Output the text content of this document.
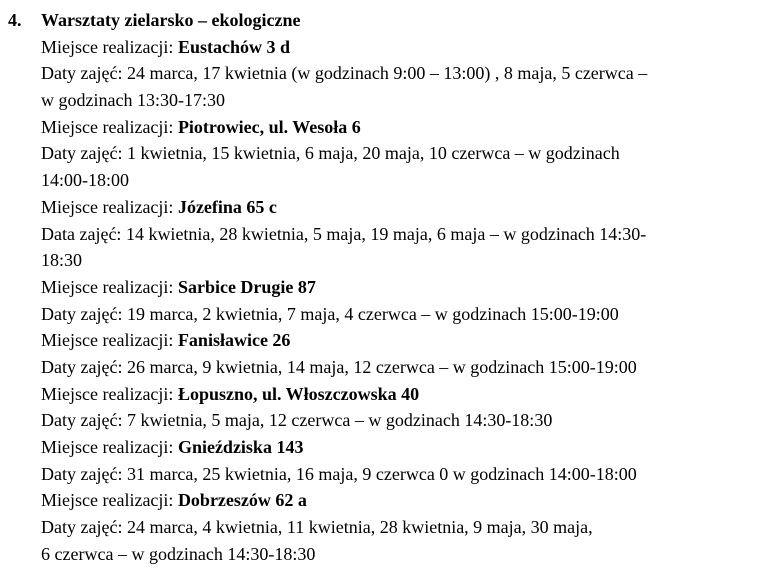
4. Warsztaty zielarsko – ekologiczne
Miejsce realizacji: Eustachów 3 d
Daty zajęć: 24 marca, 17 kwietnia (w godzinach 9:00 – 13:00) , 8 maja, 5 czerwca –
w godzinach 13:30-17:30
Miejsce realizacji: Piotrowiec, ul. Wesoła 6
Daty zajęć: 1 kwietnia, 15 kwietnia, 6 maja, 20 maja, 10 czerwca – w godzinach
14:00-18:00
Miejsce realizacji: Józefina 65 c
Data zajęć: 14 kwietnia, 28 kwietnia, 5 maja, 19 maja, 6 maja – w godzinach 14:30-
18:30
Miejsce realizacji: Sarbice Drugie 87
Daty zajęć: 19 marca, 2 kwietnia, 7 maja, 4 czerwca – w godzinach 15:00-19:00
Miejsce realizacji: Fanisławice 26
Daty zajęć: 26 marca, 9 kwietnia, 14 maja, 12 czerwca – w godzinach 15:00-19:00
Miejsce realizacji: Łopuszno, ul. Włoszczowska 40
Daty zajęć: 7 kwietnia, 5 maja, 12 czerwca – w godzinach 14:30-18:30
Miejsce realizacji: Gnieździska 143
Daty zajęć: 31 marca, 25 kwietnia, 16 maja, 9 czerwca 0 w godzinach 14:00-18:00
Miejsce realizacji: Dobrzeszów 62 a
Daty zajęć: 24 marca, 4 kwietnia, 11 kwietnia, 28 kwietnia, 9 maja, 30 maja,
6 czerwca – w godzinach 14:30-18:30
